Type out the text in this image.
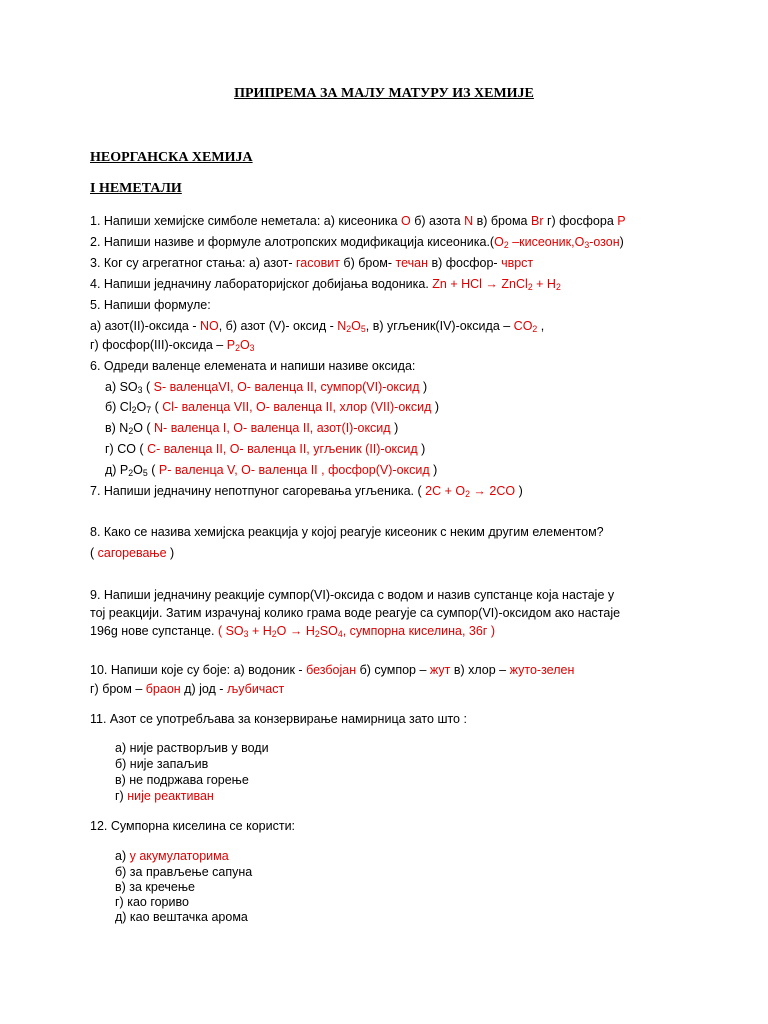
ПРИПРЕМА ЗА МАЛУ МАТУРУ ИЗ ХЕМИЈЕ
НЕОРГАНСКА ХЕМИЈА
I НЕМЕТАЛИ
1. Напиши хемијске симболе неметала: а) кисеоника O б) азота N в) брома Br г) фосфора P
2. Напиши називе и формуле алотропских модификација $кисеоника.(O_2$ $-кисеоник,O_3-озон$)
3. Ког су агрегатног стања: а) азот- гасовит б) бром- течан в) фосфор- чврст
4. Напиши једначину лабораторијског добијања водоника. Zn + HCl → ZnCl$_2$ + $H_2$
5. Напиши формуле:
а) азот(II)-оксида - NO, б) азот (V)- оксид - $N_2O_5$, в) угљеник(IV)-оксида – $CO_2$ ,
г) фосфор(III)-оксида – $P_2O_3$
6. Одреди валенце елемената и напиши називе оксида:
а) $SO_3$ ( S- валенцаVI, O- валенца II, сумпор(VI)-оксид )
б) $Cl_2O_7$ ( Cl- валенца VII, O- валенца II, хлор (VII)-оксид )
в) $N_2O$ ( N- валенца I, O- валенца II, азот(I)-оксид )
г) CO ( C- валенца II, O- валенца II, угљеник (II)-оксид )
д) $P_2O_5$ ( P- валенца V, O- валенца II , фосфор(V)-оксид )
7. Напиши једначину непотпуног сагоревања угљеника. ( $2C + O_2 \to 2CO$ )
8. Како се назива хемијска реакција у којој реагује кисеоник с неким другим елементом?
( сагоревање )
9. Напиши једначину реакције сумпор(VI)-оксида с водом и назив супстанце која настаје у
тој реакцији. Затим израчунај колико грама воде реагује са сумпор(VI)-оксидом ако настаје
196g нове супстанце. ( $SO_3 + H_2O \to H_2SO_4$, сумпорна киселина, 36г )
10. Напиши које су боје: а) водоник - безбојан б) сумпор – жут в) хлор – жуто-зелен
г) бром – браон д) јод - љубичаст
11. Азот се употребљава за конзервирање намирница зато што :
а) није растворљив у води
б) није запаљив
в) не подржава горење
г) није реактиван
12. Сумпорна киселина се користи:
а) у акумулаторима
б) за прављење сапуна
в) за кречење
г) као гориво
д) као вештачка арома
